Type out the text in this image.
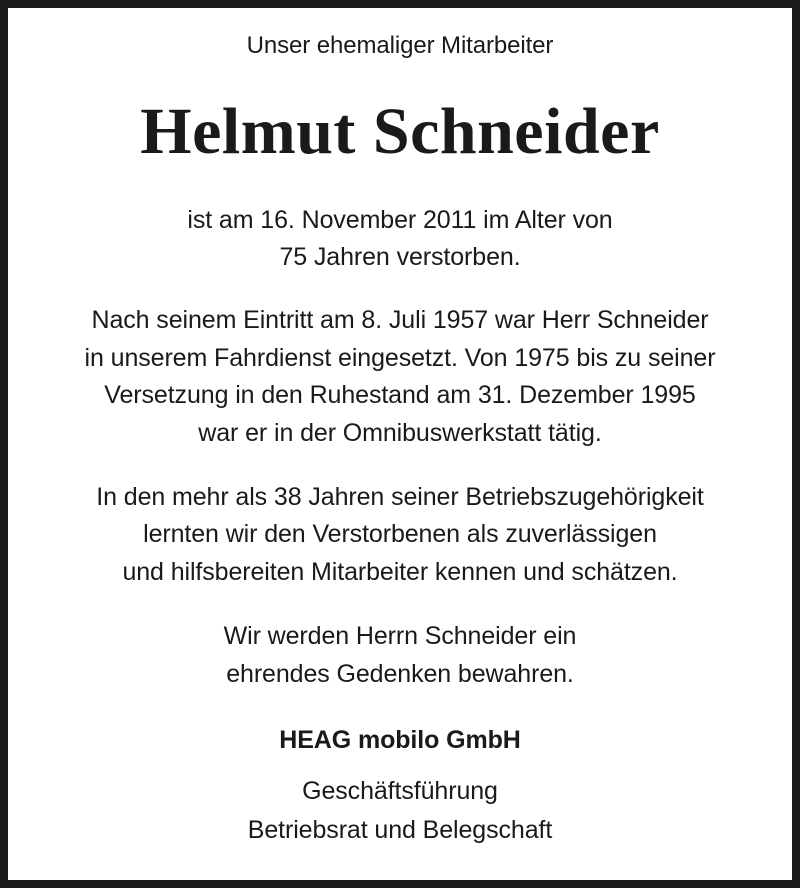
Unser ehemaliger Mitarbeiter
Helmut Schneider
ist am 16. November 2011 im Alter von
75 Jahren verstorben.
Nach seinem Eintritt am 8. Juli 1957 war Herr Schneider
in unserem Fahrdienst eingesetzt. Von 1975 bis zu seiner
Versetzung in den Ruhestand am 31. Dezember 1995
war er in der Omnibuswerkstatt tätig.
In den mehr als 38 Jahren seiner Betriebszugehörigkeit
lernten wir den Verstorbenen als zuverlässigen
und hilfsbereiten Mitarbeiter kennen und schätzen.
Wir werden Herrn Schneider ein
ehrendes Gedenken bewahren.
HEAG mobilo GmbH
Geschäftsführung
Betriebsrat und Belegschaft
